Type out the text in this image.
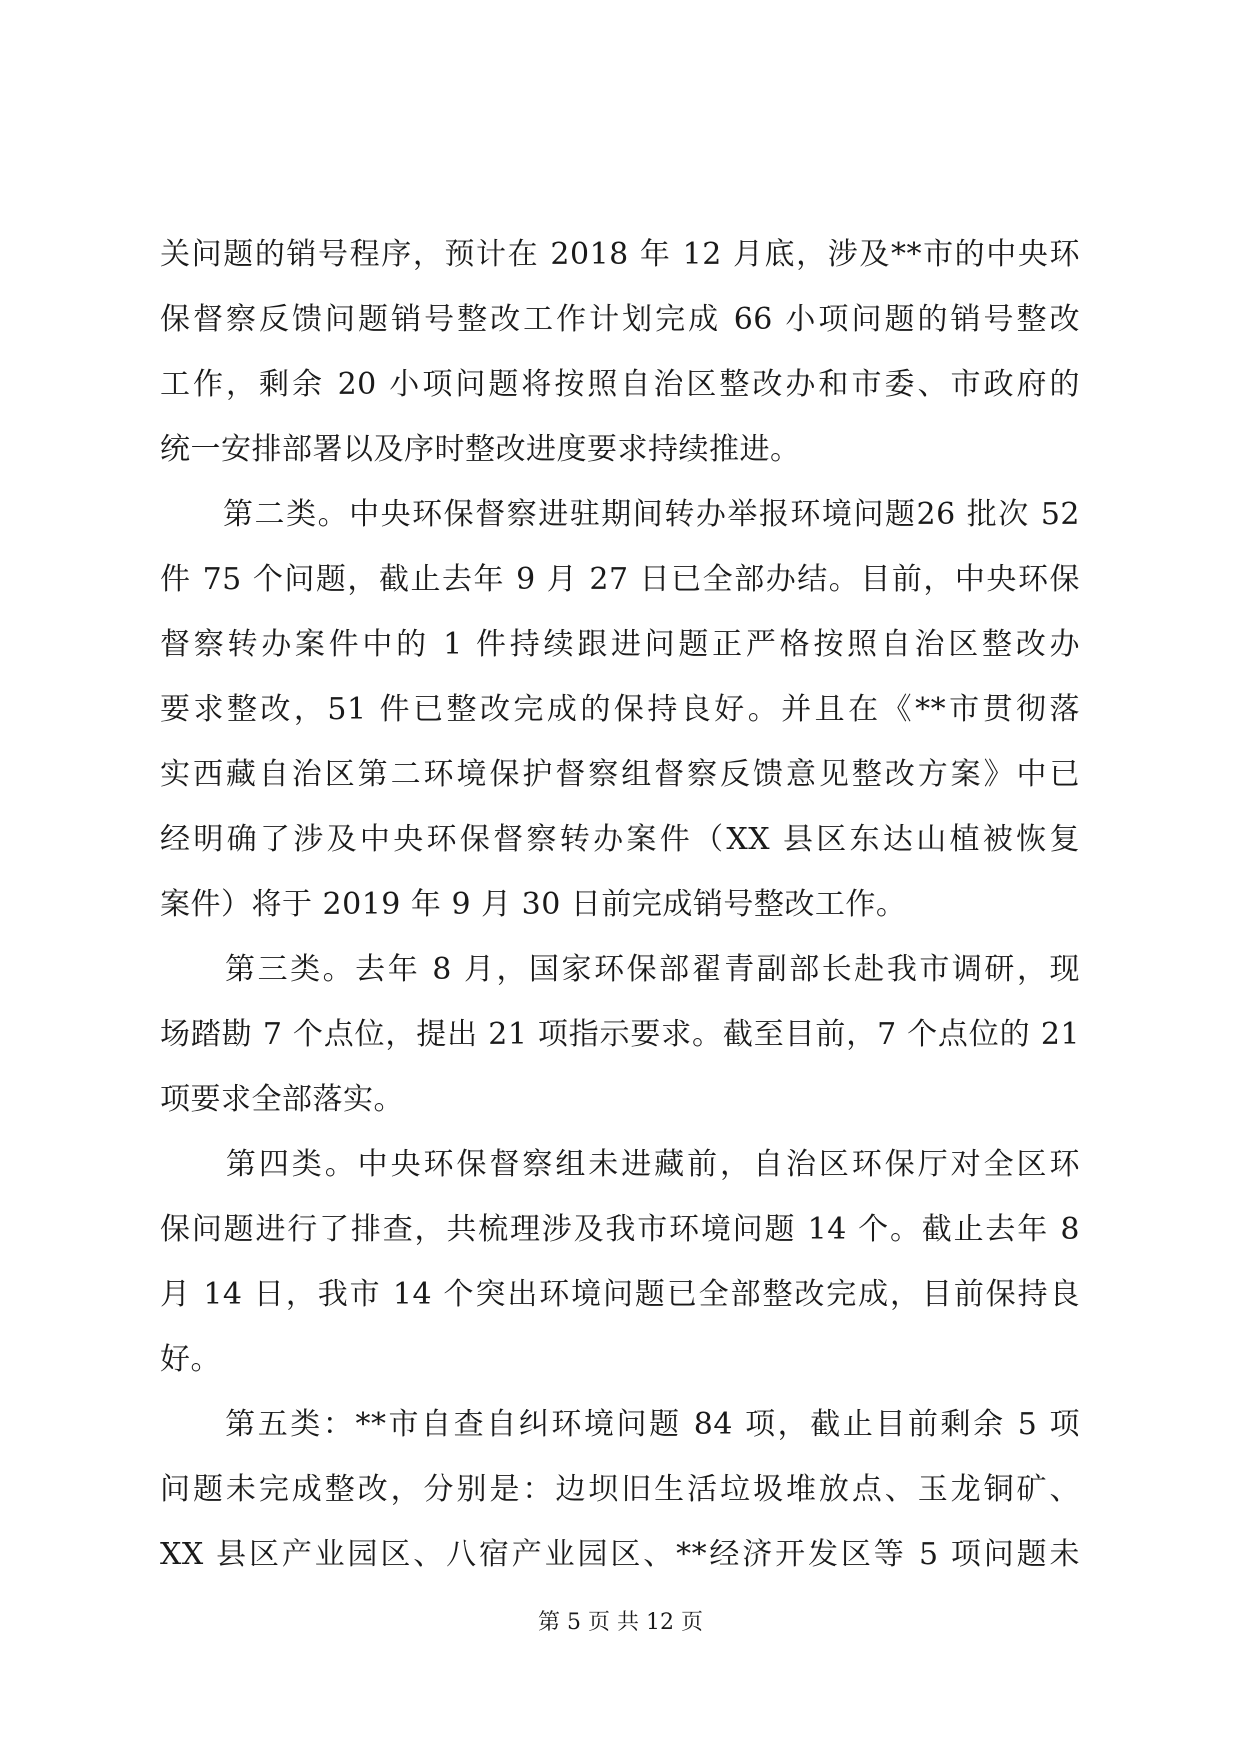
关问题的销号程序，预计在 2018 年 12 月底，涉及**市的中央环
保督察反馈问题销号整改工作计划完成 66 小项问题的销号整改
工作，剩余 20 小项问题将按照自治区整改办和市委、市政府的
统一安排部署以及序时整改进度要求持续推进。
　　第二类。中央环保督察进驻期间转办举报环境问题26 批次 52
件 75 个问题，截止去年 9 月 27 日已全部办结。目前，中央环保
督察转办案件中的 1 件持续跟进问题正严格按照自治区整改办
要求整改，51 件已整改完成的保持良好。并且在《**市贯彻落
实西藏自治区第二环境保护督察组督察反馈意见整改方案》中已
经明确了涉及中央环保督察转办案件（XX 县区东达山植被恢复
案件）将于 2019 年 9 月 30 日前完成销号整改工作。
　　第三类。去年 8 月，国家环保部翟青副部长赴我市调研，现
场踏勘 7 个点位，提出 21 项指示要求。截至目前，7 个点位的 21
项要求全部落实。
　　第四类。中央环保督察组未进藏前，自治区环保厅对全区环
保问题进行了排查，共梳理涉及我市环境问题 14 个。截止去年 8
月 14 日，我市 14 个突出环境问题已全部整改完成，目前保持良
好。
　　第五类：**市自查自纠环境问题 84 项，截止目前剩余 5 项
问题未完成整改，分别是：边坝旧生活垃圾堆放点、玉龙铜矿、
XX 县区产业园区、八宿产业园区、**经济开发区等 5 项问题未
第 5 页 共 12 页
